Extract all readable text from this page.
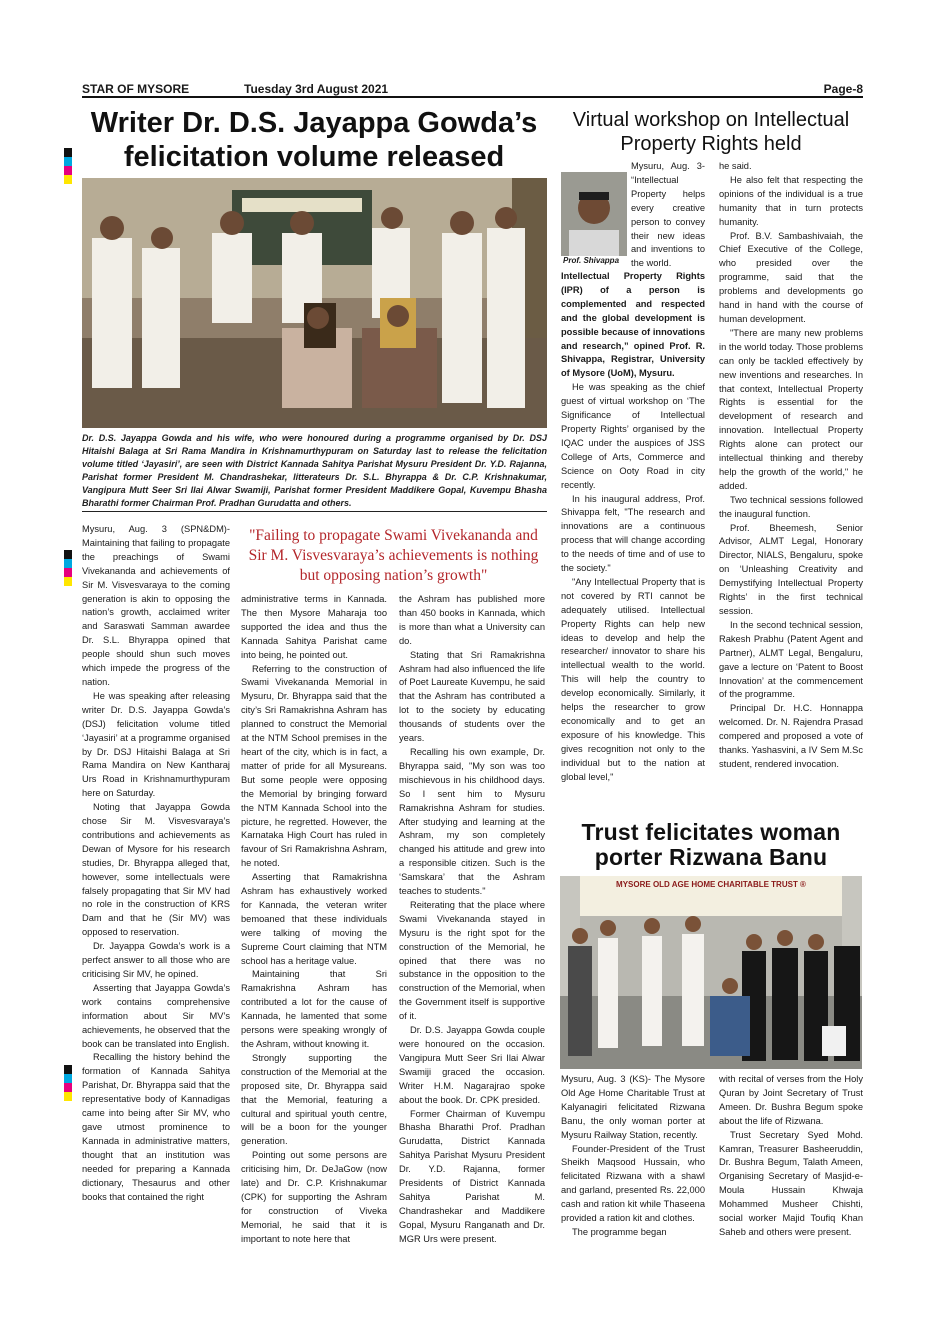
STAR OF MYSORE	Tuesday 3rd August 2021	Page-8
Writer Dr. D.S. Jayappa Gowda’s
felicitation volume released
Dr. D.S. Jayappa Gowda and his wife, who were honoured during a programme organised by Dr. DSJ Hitaishi Balaga at Sri Rama Mandira in Krishnamurthypuram on Saturday last to release the felicitation volume titled ‘Jayasiri’, are seen with District Kannada Sahitya Parishat Mysuru President Dr. Y.D. Rajanna, Parishat former President M. Chandrashekar, litterateurs Dr. S.L. Bhyrappa & Dr. C.P. Krishnakumar, Vangipura Mutt Seer Sri Ilai Alwar Swamiji, Parishat former President Maddikere Gopal, Kuvempu Bhasha Bharathi former Chairman Prof. Pradhan Gurudatta and others.
"Failing to propagate Swami Vivekananda and Sir M. Visvesvaraya’s achievements is nothing but opposing nation’s growth"

Mysuru, Aug. 3 (SPN&DM)- Maintaining that failing to propagate the preachings of Swami Vivekananda and achievements of Sir M. Visvesvaraya to the coming generation is akin to opposing the nation’s growth, acclaimed writer and Saraswati Samman awardee Dr. S.L. Bhyrappa opined that people should shun such moves which impede the progress of the nation.

He was speaking after releasing writer Dr. D.S. Jayappa Gowda’s (DSJ) felicitation volume titled ‘Jayasiri’ at a programme organised by Dr. DSJ Hitaishi Balaga at Sri Rama Mandira on New Kantharaj Urs Road in Krishnamurthypuram here on Saturday.

Noting that Jayappa Gowda chose Sir M. Visvesvaraya’s contributions and achievements as Dewan of Mysore for his research studies, Dr. Bhyrappa alleged that, however, some intellectuals were falsely propagating that Sir MV had no role in the construction of KRS Dam and that he (Sir MV) was opposed to reservation.

Dr. Jayappa Gowda’s work is a perfect answer to all those who are criticising Sir MV, he opined.

Asserting that Jayappa Gowda’s work contains comprehensive information about Sir MV’s achievements, he observed that the book can be translated into English.

Recalling the history behind the formation of Kannada Sahitya Parishat, Dr. Bhyrappa said that the representative body of Kannadigas came into being after Sir MV, who gave utmost prominence to Kannada in administrative matters, thought that an institution was needed for preparing a Kannada dictionary, Thesaurus and other books that contained the right

administrative terms in Kannada. The then Mysore Maharaja too supported the idea and thus the Kannada Sahitya Parishat came into being, he pointed out.

Referring to the construction of Swami Vivekananda Memorial in Mysuru, Dr. Bhyrappa said that the city’s Sri Ramakrishna Ashram has planned to construct the Memorial at the NTM School premises in the heart of the city, which is in fact, a matter of pride for all Mysureans. But some people were opposing the Memorial by bringing forward the NTM Kannada School into the picture, he regretted. However, the Karnataka High Court has ruled in favour of Sri Ramakrishna Ashram, he noted.

Asserting that Ramakrishna Ashram has exhaustively worked for Kannada, the veteran writer bemoaned that these individuals were talking of moving the Supreme Court claiming that NTM school has a heritage value.

Maintaining that Sri Ramakrishna Ashram has contributed a lot for the cause of Kannada, he lamented that some persons were speaking wrongly of the Ashram, without knowing it.

Strongly supporting the construction of the Memorial at the proposed site, Dr. Bhyrappa said that the Memorial, featuring a cultural and spiritual youth centre, will be a boon for the younger generation.

Pointing out some persons are criticising him, Dr. DeJaGow (now late) and Dr. C.P. Krishnakumar (CPK) for supporting the Ashram for construction of Viveka Memorial, he said that it is important to note here that

the Ashram has published more than 450 books in Kannada, which is more than what a University can do.

Stating that Sri Ramakrishna Ashram had also influenced the life of Poet Laureate Kuvempu, he said that the Ashram has contributed a lot to the society by educating thousands of students over the years.

Recalling his own example, Dr. Bhyrappa said, "My son was too mischievous in his childhood days. So I sent him to Mysuru Ramakrishna Ashram for studies. After studying and learning at the Ashram, my son completely changed his attitude and grew into a responsible citizen. Such is the ‘Samskara’ that the Ashram teaches to students."

Reiterating that the place where Swami Vivekananda stayed in Mysuru is the right spot for the construction of the Memorial, he opined that there was no substance in the opposition to the construction of the Memorial, when the Government itself is supportive of it.

Dr. D.S. Jayappa Gowda couple were honoured on the occasion. Vangipura Mutt Seer Sri Ilai Alwar Swamiji graced the occasion. Writer H.M. Nagarajrao spoke about the book. Dr. CPK presided.

Former Chairman of Kuvempu Bhasha Bharathi Prof. Pradhan Gurudatta, District Kannada Sahitya Parishat Mysuru President Dr. Y.D. Rajanna, former Presidents of District Kannada Sahitya Parishat M. Chandrashekar and Maddikere Gopal, Mysuru Ranganath and Dr. MGR Urs were present.

Virtual workshop on Intellectual
Property Rights held
Prof. Shivappa

Mysuru, Aug. 3- “Intellectual Property helps every creative person to convey their new ideas and inventions to the world.

Intellectual Property Rights (IPR) of a person is complemented and respected and the global development is possible because of innovations and research,” opined Prof. R. Shivappa, Registrar, University of Mysore (UoM), Mysuru.

He was speaking as the chief guest of virtual workshop on ‘The Significance of Intellectual Property Rights’ organised by the IQAC under the auspices of JSS College of Arts, Commerce and Science on Ooty Road in city recently.

In his inaugural address, Prof. Shivappa felt, "The research and innovations are a continuous process that will change according to the needs of time and of use to the society."

"Any Intellectual Property that is not covered by RTI cannot be adequately utilised. Intellectual Property Rights can help new ideas to develop and help the researcher/ innovator to share his intellectual wealth to the world. This will help the country to develop economically. Similarly, it helps the researcher to grow economically and to get an exposure of his knowledge. This gives recognition not only to the individual but to the nation at global level,"

he said.

He also felt that respecting the opinions of the individual is a true humanity that in turn protects humanity.

Prof. B.V. Sambashivaiah, the Chief Executive of the College, who presided over the programme, said that the problems and developments go hand in hand with the course of human development.

"There are many new problems in the world today. Those problems can only be tackled effectively by new inventions and researches. In that context, Intellectual Property Rights is essential for the development of research and innovation. Intellectual Property Rights alone can protect our intellectual thinking and thereby help the growth of the world," he added.

Two technical sessions followed the inaugural function.

Prof. Bheemesh, Senior Advisor, ALMT Legal, Honorary Director, NIALS, Bengaluru, spoke on ‘Unleashing Creativity and Demystifying Intellectual Property Rights’ in the first technical session.

In the second technical session, Rakesh Prabhu (Patent Agent and Partner), ALMT Legal, Bengaluru, gave a lecture on ‘Patent to Boost Innovation’ at the commencement of the programme.

Principal Dr. H.C. Honnappa welcomed. Dr. N. Rajendra Prasad compered and proposed a vote of thanks. Yashasvini, a IV Sem M.Sc student, rendered invocation.

Trust felicitates woman
porter Rizwana Banu
MYSORE OLD AGE HOME CHARITABLE TRUST ®

Mysuru, Aug. 3 (KS)- The Mysore Old Age Home Charitable Trust at Kalyanagiri felicitated Rizwana Banu, the only woman porter at Mysuru Railway Station, recently.

Founder-President of the Trust Sheikh Maqsood Hussain, who felicitated Rizwana with a shawl and garland, presented Rs. 22,000 cash and ration kit while Thaseena provided a ration kit and clothes.

The programme began

with recital of verses from the Holy Quran by Joint Secretary of Trust Ameen. Dr. Bushra Begum spoke about the life of Rizwana.

Trust Secretary Syed Mohd. Kamran, Treasurer Basheeruddin, Dr. Bushra Begum, Talath Ameen, Organising Secretary of Masjid-e-Moula Hussain Khwaja Mohammed Musheer Chishti, social worker Majid Toufiq Khan Saheb and others were present.
